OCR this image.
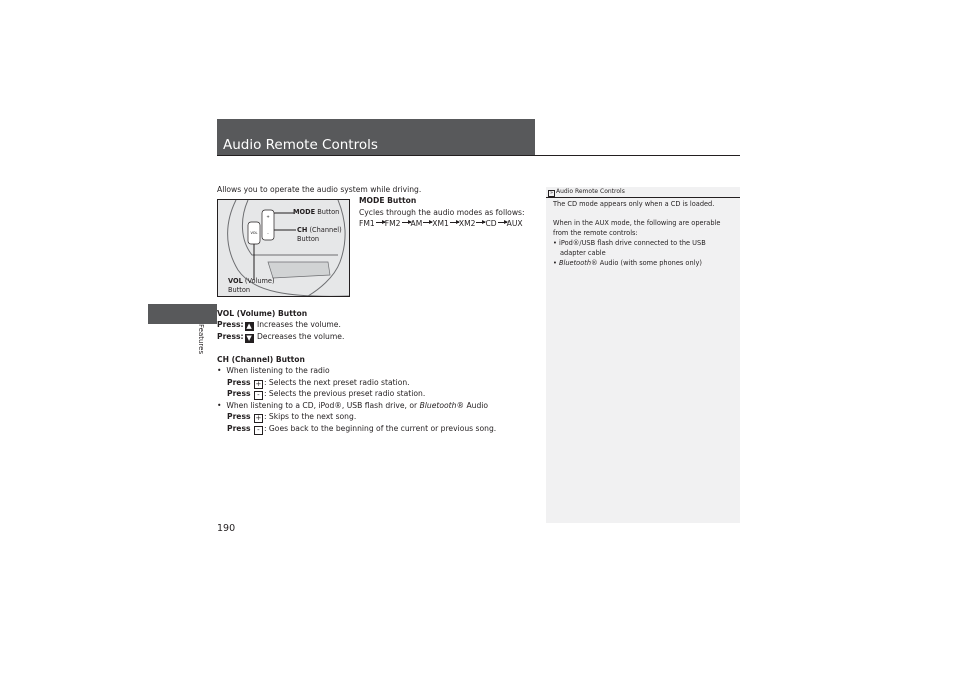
Audio Remote Controls
Features
Allows you to operate the audio system while driving.
+
-
VOL
MODE Button
CH (Channel)
Button
VOL (Volume)
Button
MODE Button
Cycles through the audio modes as follows:
FM1 FM2 AM XM1 XM2 CD AUX
VOL (Volume) Button
Press: ▲ Increases the volume.
Press: ▼ Decreases the volume.
CH (Channel) Button
•  When listening to the radio
Press + : Selects the next preset radio station.
Press - : Selects the previous preset radio station.
•  When listening to a CD, iPod®, USB flash drive, or Bluetooth® Audio
Press + : Skips to the next song.
Press - : Goes back to the beginning of the current or previous song.
» Audio Remote Controls
The CD mode appears only when a CD is loaded.
When in the AUX mode, the following are operable
from the remote controls:
• iPod®/USB flash drive connected to the USB
adapter cable
• Bluetooth® Audio (with some phones only)
190
